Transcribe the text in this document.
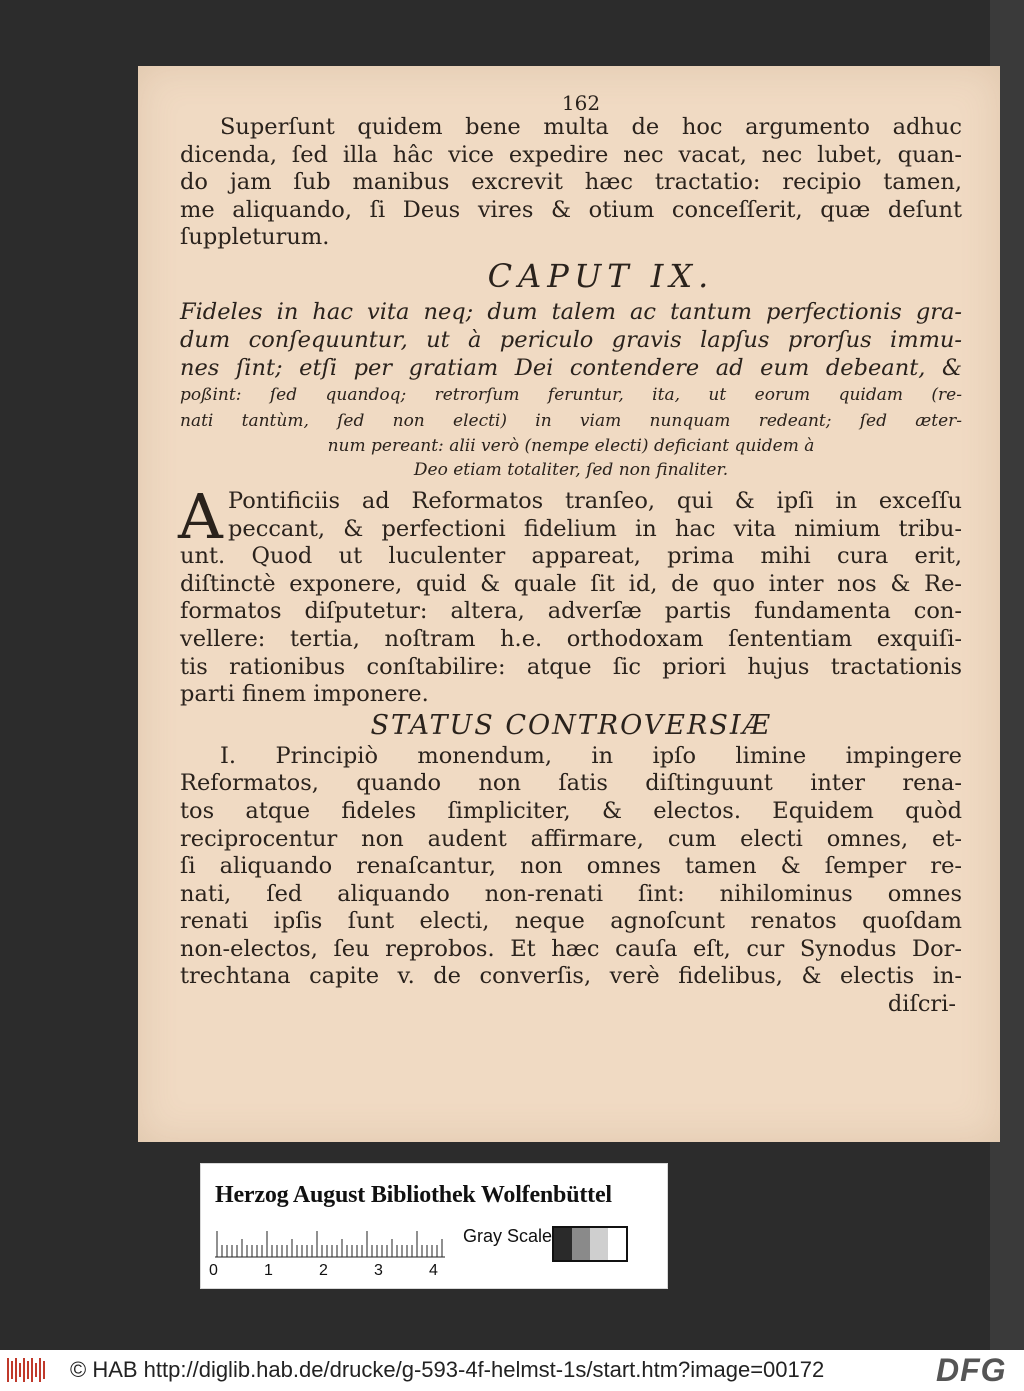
162
Superſunt quidem bene multa de hoc argumento adhuc
dicenda, ſed illa hâc vice expedire nec vacat, nec lubet, quan-
do jam ſub manibus excrevit hæc tractatio: recipio tamen,
me aliquando, ſi Deus vires & otium conceſſerit, quæ deſunt
ſuppleturum.
CAPUT IX.
Fideles in hac vita neq; dum talem ac tantum perfectionis gra-
dum conſequuntur, ut à periculo gravis lapſus prorſus immu-
nes ſint; etſi per gratiam Dei contendere ad eum debeant, &
poßint: ſed quandoq; retrorſum feruntur, ita, ut eorum quidam (re-
nati tantùm, ſed non electi) in viam nunquam redeant; ſed æter-
num pereant: alii verò (nempe electi) deficiant quidem à
Deo etiam totaliter, ſed non finaliter.
A Pontificiis ad Reformatos tranſeo, qui & ipſi in exceſſu
peccant, & perfectioni fidelium in hac vita nimium tribu-
unt. Quod ut luculenter appareat, prima mihi cura erit,
diſtinctè exponere, quid & quale ſit id, de quo inter nos & Re-
formatos diſputetur: altera, adverſæ partis fundamenta con-
vellere: tertia, noſtram h.e. orthodoxam ſententiam exquiſi-
tis rationibus conſtabilire: atque ſic priori hujus tractationis
parti finem imponere.
STATUS CONTROVERSIÆ
I. Principiò monendum, in ipſo limine impingere
Reformatos, quando non ſatis diſtinguunt inter rena-
tos atque fideles ſimpliciter, & electos. Equidem quòd
reciprocentur non audent affirmare, cum electi omnes, et-
ſi aliquando renaſcantur, non omnes tamen & ſemper re-
nati, ſed aliquando non-renati ſint: nihilominus omnes
renati ipſis ſunt electi, neque agnoſcunt renatos quoſdam
non-electos, ſeu reprobos. Et hæc cauſa eſt, cur Synodus Dor-
trechtana capite v. de converſis, verè fidelibus, & electis in-
diſcri-
Herzog August Bibliothek Wolfenbüttel
0	1	2	3	4
Gray Scale
© HAB http://diglib.hab.de/drucke/g-593-4f-helmst-1s/start.htm?image=00172	DFG
